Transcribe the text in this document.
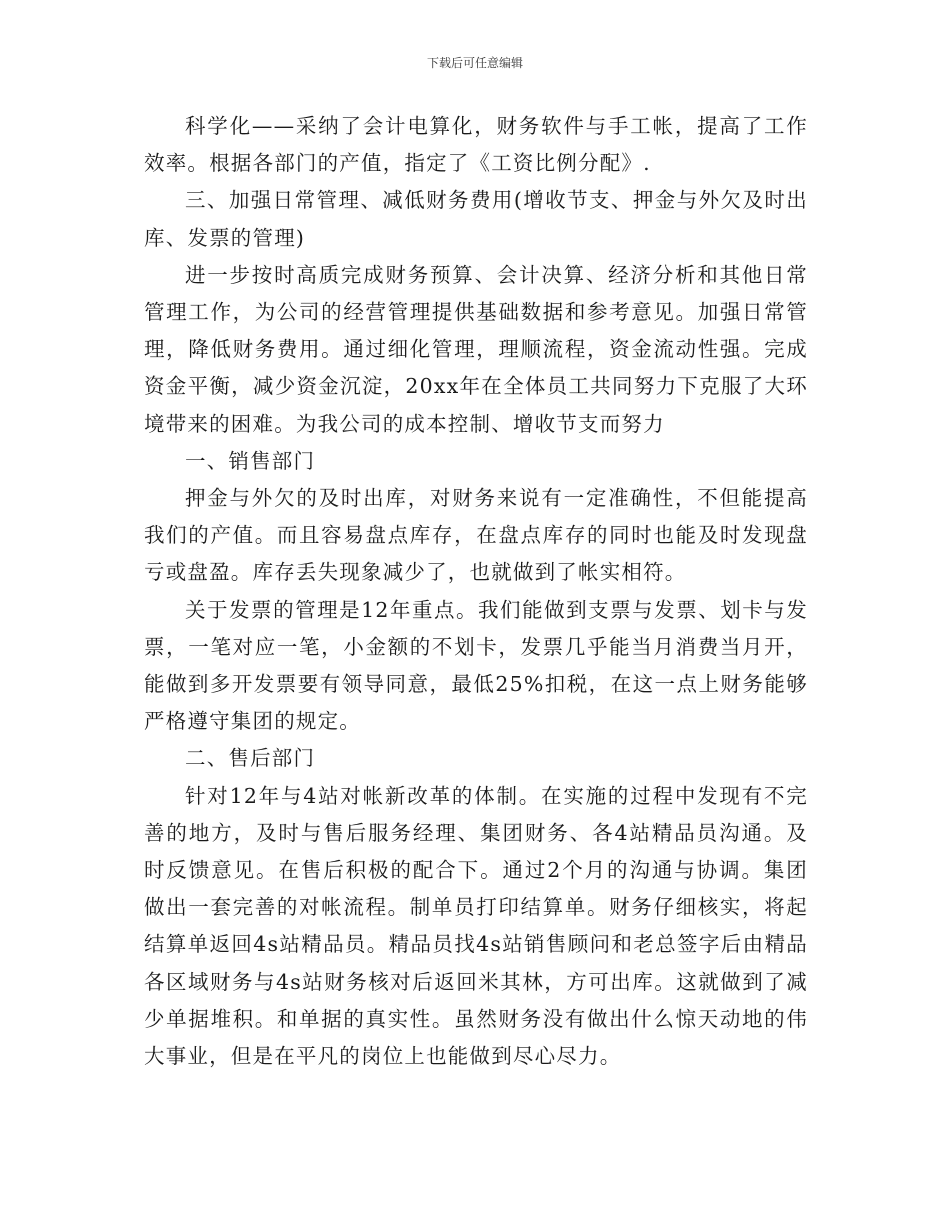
下载后可任意编辑

科学化——采纳了会计电算化，财务软件与手工帐，提高了工作效率。根据各部门的产值，指定了《工资比例分配》.

三、加强日常管理、减低财务费用(增收节支、押金与外欠及时出库、发票的管理)

进一步按时高质完成财务预算、会计决算、经济分析和其他日常管理工作，为公司的经营管理提供基础数据和参考意见。加强日常管理，降低财务费用。通过细化管理，理顺流程，资金流动性强。完成资金平衡，减少资金沉淀，20xx年在全体员工共同努力下克服了大环境带来的困难。为我公司的成本控制、增收节支而努力

一、销售部门

押金与外欠的及时出库，对财务来说有一定准确性，不但能提高我们的产值。而且容易盘点库存，在盘点库存的同时也能及时发现盘亏或盘盈。库存丢失现象减少了，也就做到了帐实相符。

关于发票的管理是12年重点。我们能做到支票与发票、划卡与发票，一笔对应一笔，小金额的不划卡，发票几乎能当月消费当月开，能做到多开发票要有领导同意，最低25%扣税，在这一点上财务能够严格遵守集团的规定。

二、售后部门

针对12年与4站对帐新改革的体制。在实施的过程中发现有不完善的地方，及时与售后服务经理、集团财务、各4站精品员沟通。及时反馈意见。在售后积极的配合下。通过2个月的沟通与协调。集团做出一套完善的对帐流程。制单员打印结算单。财务仔细核实，将起结算单返回4s站精品员。精品员找4s站销售顾问和老总签字后由精品各区域财务与4s站财务核对后返回米其林，方可出库。这就做到了减少单据堆积。和单据的真实性。虽然财务没有做出什么惊天动地的伟大事业，但是在平凡的岗位上也能做到尽心尽力。
